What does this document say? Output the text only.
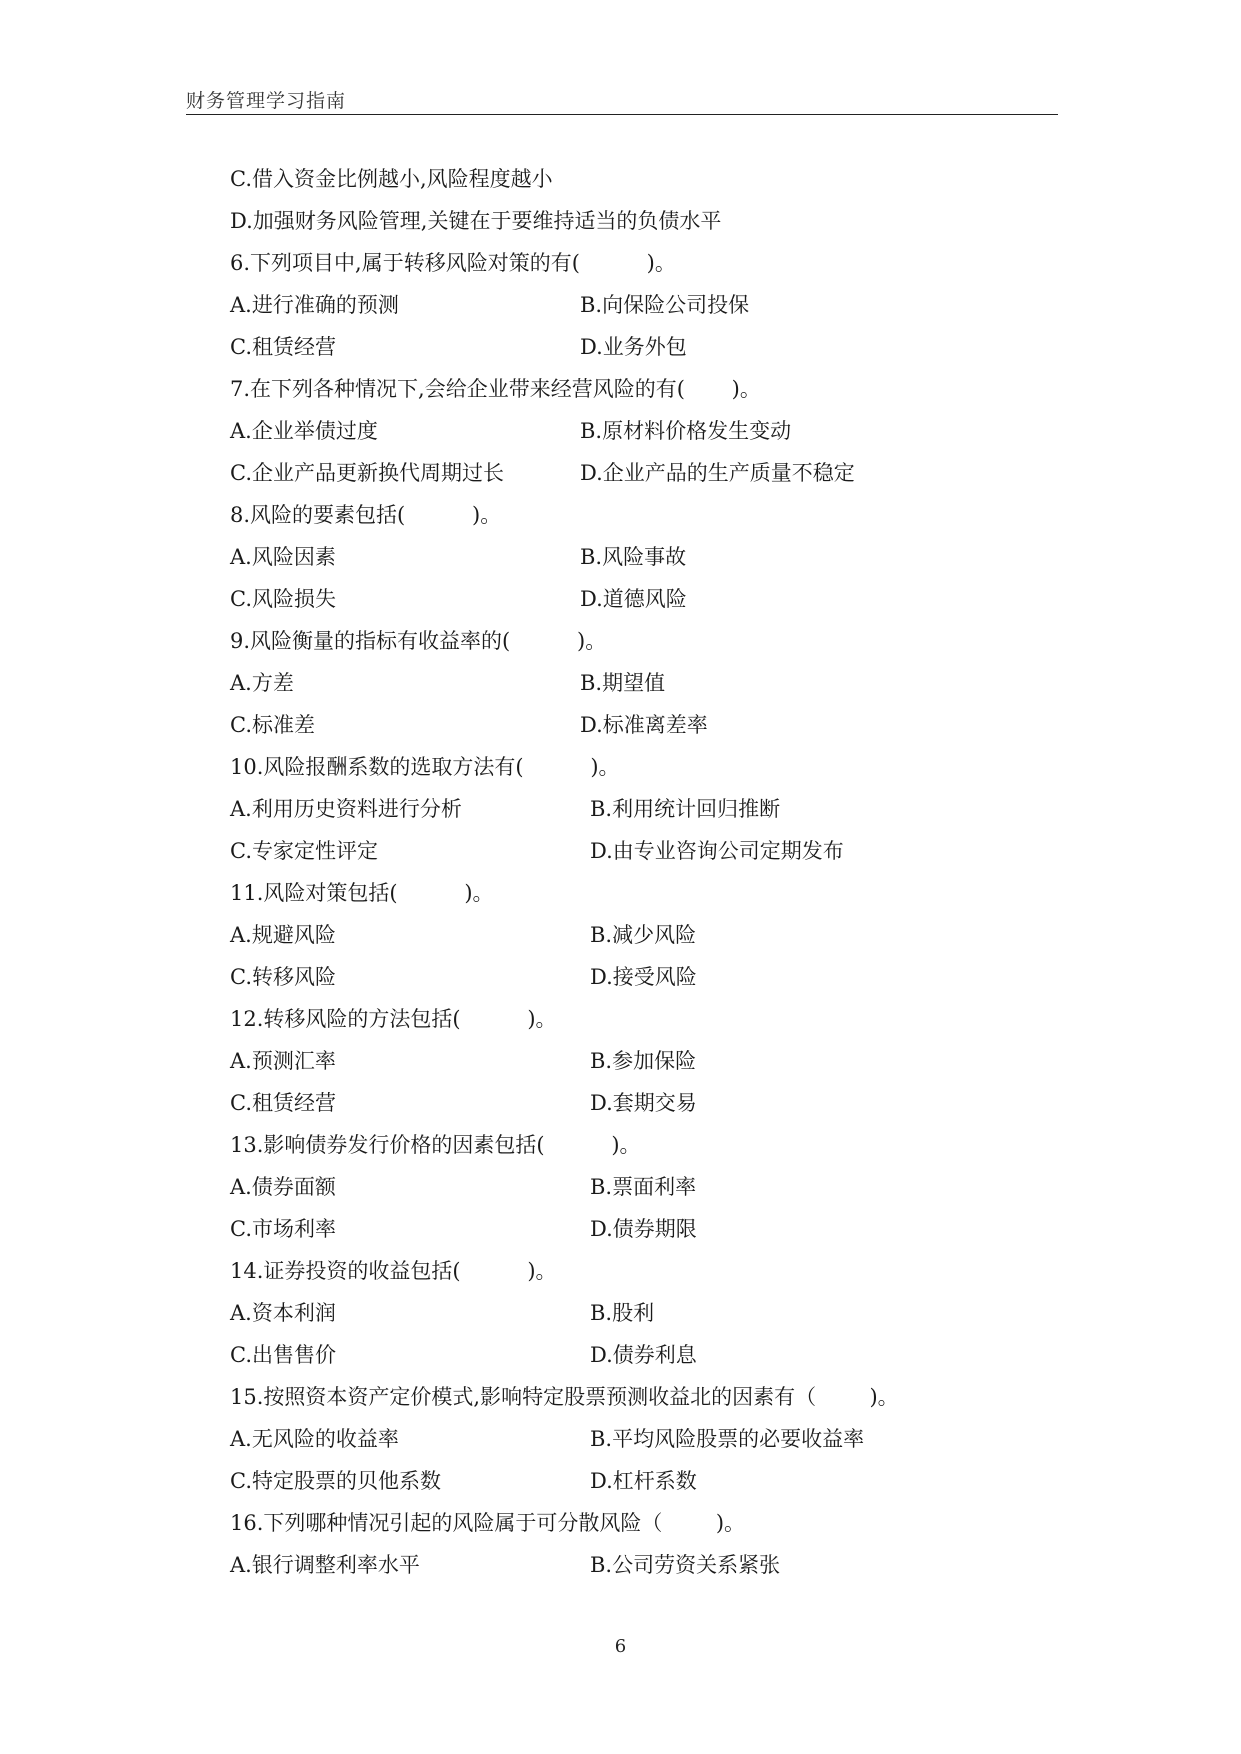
财务管理学习指南
C.借入资金比例越小,风险程度越小
D.加强财务风险管理,关键在于要维持适当的负债水平
6.下列项目中,属于转移风险对策的有(	)。
A.进行准确的预测	B.向保险公司投保
C.租赁经营	D.业务外包
7.在下列各种情况下,会给企业带来经营风险的有( )。
A.企业举债过度	B.原材料价格发生变动
C.企业产品更新换代周期过长	D.企业产品的生产质量不稳定
8.风险的要素包括(	)。
A.风险因素	B.风险事故
C.风险损失	D.道德风险
9.风险衡量的指标有收益率的(	)。
A.方差	B.期望值
C.标准差	D.标准离差率
10.风险报酬系数的选取方法有(	)。
A.利用历史资料进行分析	B.利用统计回归推断
C.专家定性评定	D.由专业咨询公司定期发布
11.风险对策包括(	)。
A.规避风险	B.减少风险
C.转移风险	D.接受风险
12.转移风险的方法包括(	)。
A.预测汇率	B.参加保险
C.租赁经营	D.套期交易
13.影响债券发行价格的因素包括(	)。
A.债券面额	B.票面利率
C.市场利率	D.债券期限
14.证券投资的收益包括(	)。
A.资本利润	B.股利
C.出售售价	D.债券利息
15.按照资本资产定价模式,影响特定股票预测收益北的因素有（	)。
A.无风险的收益率	B.平均风险股票的必要收益率
C.特定股票的贝他系数	D.杠杆系数
16.下列哪种情况引起的风险属于可分散风险（	)。
A.银行调整利率水平	B.公司劳资关系紧张
6
